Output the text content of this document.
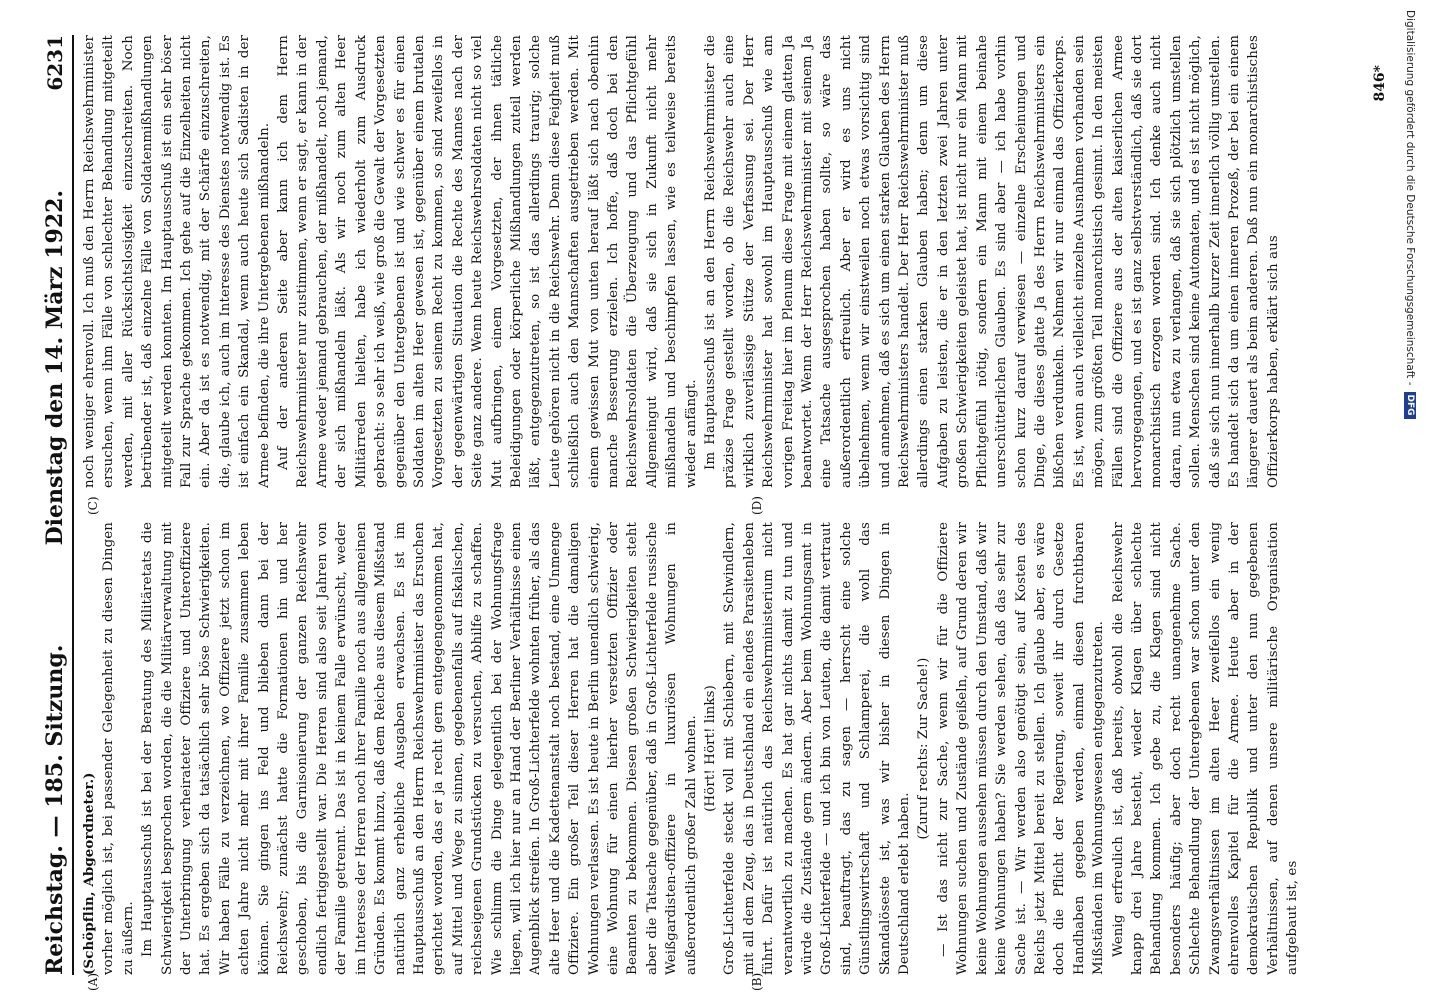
Reichstag. — 185. Sitzung.
Dienstag den 14. März 1922.
6231

(Schöpflin, Abgeordneter.) vorher möglich ist, bei passender Gelegenheit zu diesen Dingen zu äußern. Im Hauptausschuß ist bei der Beratung des Militäretats die Schwierigkeit besprochen worden, die die Militärverwaltung mit der Unterbringung verheirateter Offiziere und Unteroffiziere hat. Es ergeben sich da tatsächlich sehr böse Schwierigkeiten. Wir haben Fälle zu verzeichnen, wo Offiziere jetzt schon im achten Jahre nicht mehr mit ihrer Familie zusammen leben können. Sie gingen ins Feld und blieben dann bei der Reichswehr; zunächst hatte die Formationen hin und her geschoben, bis die Garnisonierung der ganzen Reichswehr endlich fertiggestellt war. Die Herren sind also seit Jahren von der Familie getrennt. Das ist in keinem Falle erwünscht, weder im Interesse der Herren noch ihrer Familie noch aus allgemeinen Gründen. Es kommt hinzu, daß dem Reiche aus diesem Mißstand natürlich ganz erhebliche Ausgaben erwachsen. Es ist im Hauptausschuß an den Herrn Reichswehrminister das Ersuchen gerichtet worden, das er ja recht gern entgegengenommen hat, auf Mittel und Wege zu sinnen, gegebenenfalls auf fiskalischen, reichseigenen Grundstücken zu versuchen, Abhilfe zu schaffen. Wie schlimm die Dinge gelegentlich bei der Wohnungsfrage liegen, will ich hier nur an Hand der Berliner Verhältnisse einen Augenblick streifen. In Groß-Lichterfelde wohnten früher, als das alte Heer und die Kadettenanstalt noch bestand, eine Unmenge Offiziere. Ein großer Teil dieser Herren hat die damaligen Wohnungen verlassen. Es ist heute in Berlin unendlich schwierig, eine Wohnung für einen hierher versetzten Offizier oder Beamten zu bekommen. Diesen großen Schwierigkeiten steht aber die Tatsache gegenüber, daß in Groß-Lichterfelde russische Weißgardisten-offiziere in luxuriösen Wohnungen in außerordentlich großer Zahl wohnen. (Hört! Hört! links) Groß-Lichterfelde steckt voll mit Schiebern, mit Schwindlern, mit all dem Zeug, das in Deutschland ein elendes Parasitenleben führt. Dafür ist natürlich das Reichswehrministerium nicht verantwortlich zu machen. Es hat gar nichts damit zu tun und würde die Zustände gern ändern. Aber beim Wohnungsamt in Groß-Lichterfelde — und ich bin von Leuten, die damit vertraut sind, beauftragt, das zu sagen — herrscht eine solche Günstlingswirtschaft und Schlamperei, die wohl das Skandalöseste ist, was wir bisher in diesen Dingen in Deutschland erlebt haben.

(Zuruf rechts: Zur Sache!) — Ist das nicht zur Sache, wenn wir für die Offiziere Wohnungen suchen und Zustände geißeln, auf Grund deren wir keine Wohnungen aussehen müssen durch den Umstand, daß wir keine Wohnungen haben? Sie werden sehen, daß das sehr zur Sache ist. — Wir werden also genötigt sein, auf Kosten des Reichs jetzt Mittel bereit zu stellen. Ich glaube aber, es wäre doch die Pflicht der Regierung, soweit ihr durch Gesetze Handhaben gegeben werden, einmal diesen furchtbaren Mißständen im Wohnungswesen entgegenzutreten. Wenig erfreulich ist, daß bereits, obwohl die Reichswehr knapp drei Jahre besteht, wieder Klagen über schlechte Behandlung kommen. Ich gebe zu, die Klagen sind nicht besonders häufig; aber doch recht unangenehme Sache. Schlechte Behandlung der Untergebenen war schon unter den Zwangsverhältnissen im alten Heer zweifellos ein wenig ehrenvolles Kapitel für die Armee. Heute aber in der demokratischen Republik und unter den nun gegebenen Verhältnissen, auf denen unsere militärische Organisation aufgebaut ist, es

noch weniger ehrenvoll. Ich muß den Herrn Reichswehrminister ersuchen, wenn ihm Fälle von schlechter Behandlung mitgeteilt werden, mit aller Rücksichtslosigkeit einzuschreiten. Noch betrübender ist, daß einzelne Fälle von Soldatenmißhandlungen mitgeteilt werden konnten. Im Hauptausschuß ist ein sehr böser Fall zur Sprache gekommen. Ich gehe auf die Einzelheiten nicht ein. Aber da ist es notwendig, mit der Schärfe einzuschreiten, die, glaube ich, auch im Interesse des Dienstes notwendig ist. Es ist einfach ein Skandal, wenn auch heute sich Sadisten in der Armee befinden, die ihre Untergebenen mißhandeln. Auf der anderen Seite aber kann ich dem Herrn Reichswehrminister nur zustimmen, wenn er sagt, er kann in der Armee weder jemand gebrauchen, der mißhandelt, noch jemand, der sich mißhandeln läßt. Als wir noch zum alten Heer Militärreden hielten, habe ich wiederholt zum Ausdruck gebracht: so sehr ich weiß, wie groß die Gewalt der Vorgesetzten gegenüber den Untergebenen ist und wie schwer es für einen Soldaten im alten Heer gewesen ist, gegenüber einem brutalen Vorgesetzten zu seinem Recht zu kommen, so sind zweifellos in der gegenwärtigen Situation die Rechte des Mannes nach der Seite ganz andere. Wenn heute Reichswehrsoldaten nicht so viel Mut aufbringen, einem Vorgesetzten, der ihnen tätliche Beleidigungen oder körperliche Mißhandlungen zuteil werden läßt, entgegenzutreten, so ist das allerdings traurig; solche Leute gehören nicht in die Reichswehr. Denn diese Feigheit muß schließlich auch den Mannschaften ausgetrieben werden. Mit einem gewissen Mut von unten herauf läßt sich nach obenhin manche Besserung erzielen. Ich hoffe, daß doch bei den Reichswehrsoldaten die Überzeugung und das Pflichtgefühl Allgemeingut wird, daß sie sich in Zukunft nicht mehr mißhandeln und beschimpfen lassen, wie es teilweise bereits wieder anfängt. Im Hauptausschuß ist an den Herrn Reichswehrminister die präzise Frage gestellt worden, ob die Reichswehr auch eine wirklich zuverlässige Stütze der Verfassung sei. Der Herr Reichswehrminister hat sowohl im Hauptausschuß wie am vorigen Freitag hier im Plenum diese Frage mit einem glatten Ja beantwortet. Wenn der Herr Reichswehrminister mit seinem Ja eine Tatsache ausgesprochen haben sollte, so wäre das außerordentlich erfreulich. Aber er wird es uns nicht übelnehmen, wenn wir einstweilen noch etwas vorsichtig sind und annehmen, daß es sich um einen starken Glauben des Herrn Reichswehrministers handelt. Der Herr Reichswehrminister muß allerdings einen starken Glauben haben; denn um diese Aufgaben zu leisten, die er in den letzten zwei Jahren unter großen Schwierigkeiten geleistet hat, ist nicht nur ein Mann mit Pflichtgefühl nötig, sondern ein Mann mit einem beinahe unerschütterlichen Glauben. Es sind aber — ich habe vorhin schon kurz darauf verwiesen — einzelne Erscheinungen und Dinge, die dieses glatte Ja des Herrn Reichswehrministers ein bißchen verdunkeln. Nehmen wir nur einmal das Offizierkorps. Es ist, wenn auch vielleicht einzelne Ausnahmen vorhanden sein mögen, zum größten Teil monarchistisch gesinnt. In den meisten Fällen sind die Offiziere aus der alten kaiserlichen Armee hervorgegangen, und es ist ganz selbstverständlich, daß sie dort monarchistisch erzogen worden sind. Ich denke auch nicht daran, nun etwa zu verlangen, daß sie sich plötzlich umstellen sollen. Menschen sind keine Automaten, und es ist nicht möglich, daß sie sich nun innerhalb kurzer Zeit innerlich völlig umstellen. Es handelt sich da um einen inneren Prozeß, der bei ein einem längerer dauert als beim anderen. Daß nun ein monarchistisches Offizierkorps haben, erklärt sich aus

(A)	(B)
(C)	(D)
846* Digitalisierung gefördert durch die Deutsche Forschungsgemeinschaft -
DFG
